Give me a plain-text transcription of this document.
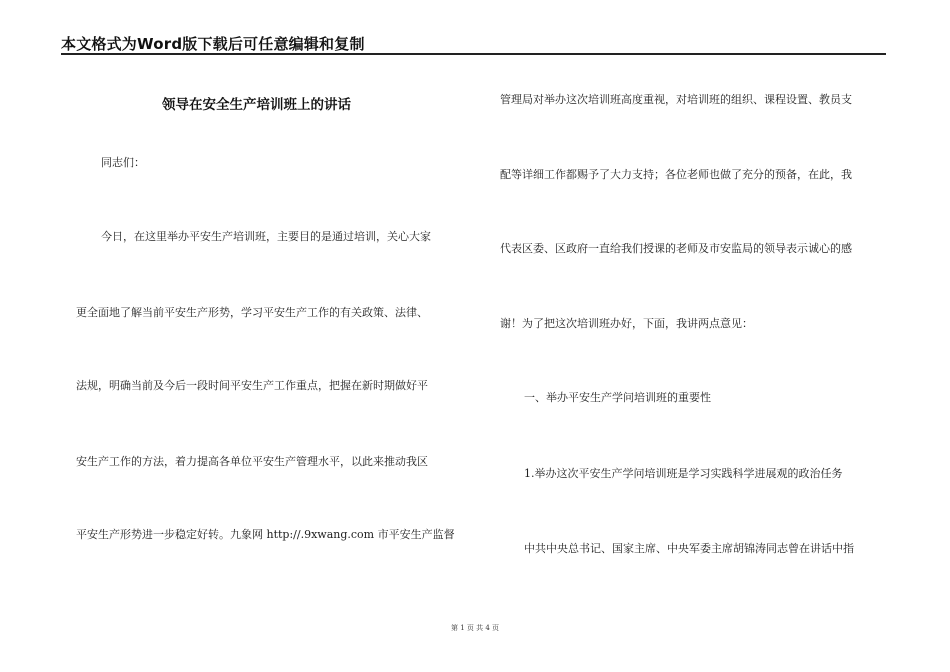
本文格式为Word版下载后可任意编辑和复制
领导在安全生产培训班上的讲话
同志们：
今日，在这里举办平安生产培训班，主要目的是通过培训，关心大家
更全面地了解当前平安生产形势，学习平安生产工作的有关政策、法律、
法规，明确当前及今后一段时间平安生产工作重点，把握在新时期做好平
安生产工作的方法，着力提高各单位平安生产管理水平，以此来推动我区
平安生产形势进一步稳定好转。九象网 http://.9xwang.com 市平安生产监督
管理局对举办这次培训班高度重视，对培训班的组织、课程设置、教员支
配等详细工作都赐予了大力支持；各位老师也做了充分的预备，在此，我
代表区委、区政府一直给我们授课的老师及市安监局的领导表示诚心的感
谢！为了把这次培训班办好，下面，我讲两点意见：
一、举办平安生产学问培训班的重要性
1.举办这次平安生产学问培训班是学习实践科学进展观的政治任务
中共中央总书记、国家主席、中央军委主席胡锦涛同志曾在讲话中指
第 1 页 共 4 页
